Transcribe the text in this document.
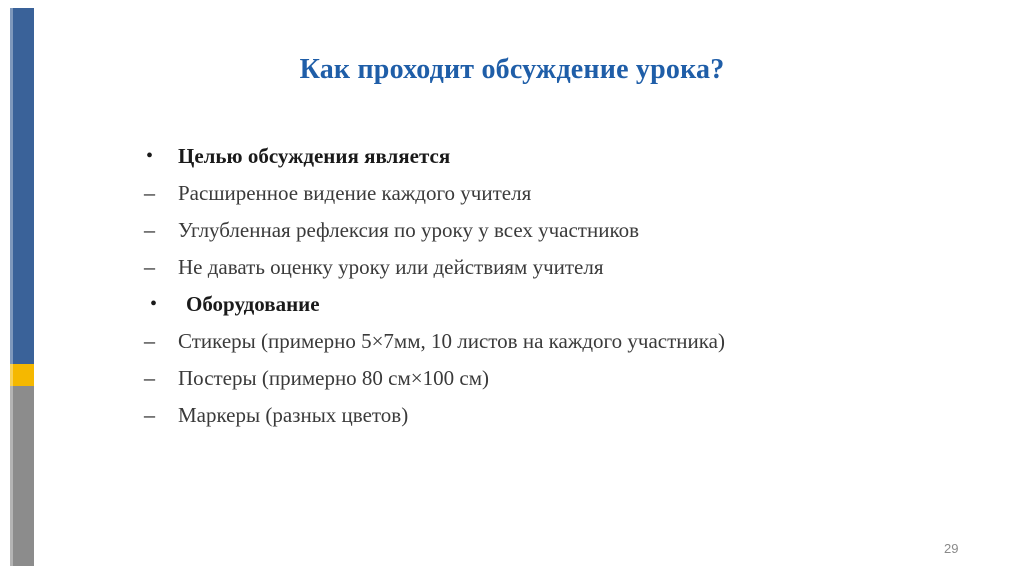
Как проходит обсуждение урока?
•	Целью обсуждения является
–	Расширенное видение каждого учителя
–	Углубленная рефлексия по уроку у всех участников
–	Не давать оценку уроку или действиям учителя
•	Оборудование
–	Стикеры (примерно 5×7мм, 10 листов на каждого участника)
–	Постеры (примерно 80 см×100 см)
–	Маркеры (разных цветов)
29
